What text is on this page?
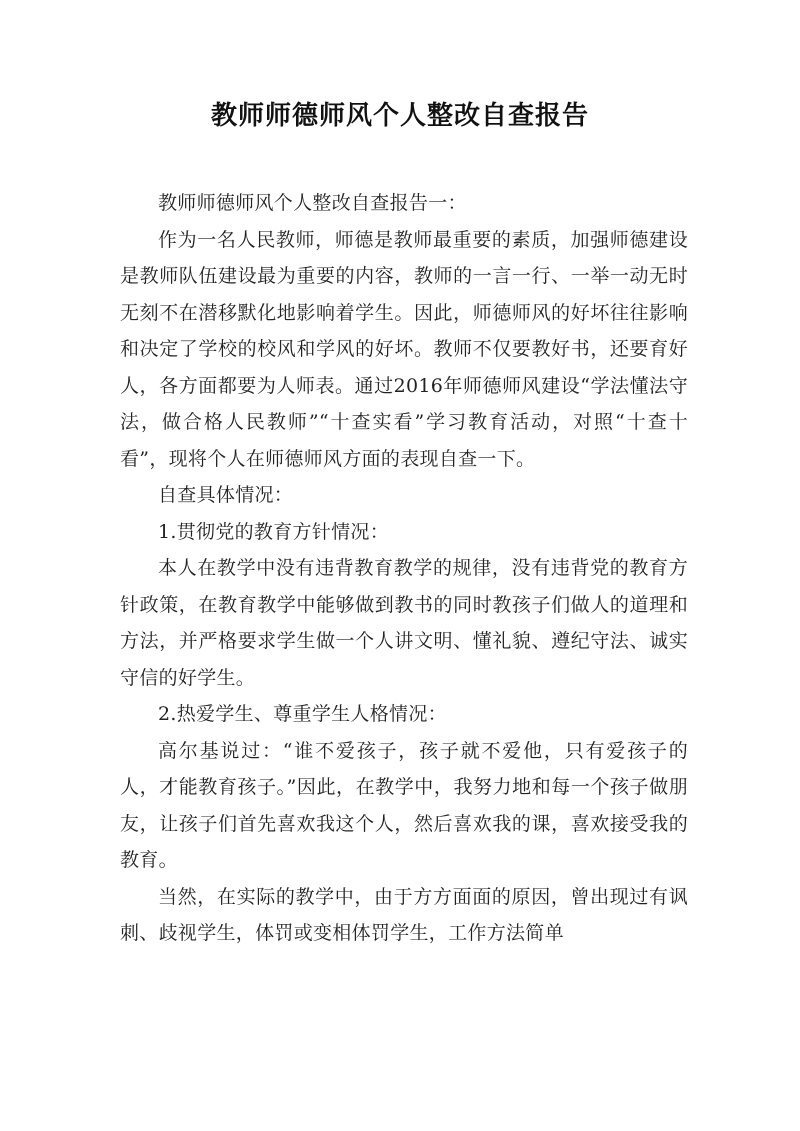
教师师德师风个人整改自查报告

教师师德师风个人整改自查报告一：

作为一名人民教师，师德是教师最重要的素质，加强师德建设是教师队伍建设最为重要的内容，教师的一言一行、一举一动无时无刻不在潜移默化地影响着学生。因此，师德师风的好坏往往影响和决定了学校的校风和学风的好坏。教师不仅要教好书，还要育好人，各方面都要为人师表。通过2016年师德师风建设“学法懂法守法，做合格人民教师”“十查实看”学习教育活动，对照“十查十看”，现将个人在师德师风方面的表现自查一下。

自查具体情况：

1.贯彻党的教育方针情况：

本人在教学中没有违背教育教学的规律，没有违背党的教育方针政策，在教育教学中能够做到教书的同时教孩子们做人的道理和方法，并严格要求学生做一个人讲文明、懂礼貌、遵纪守法、诚实守信的好学生。

2.热爱学生、尊重学生人格情况：

高尔基说过：“谁不爱孩子，孩子就不爱他，只有爱孩子的人，才能教育孩子。”因此，在教学中，我努力地和每一个孩子做朋友，让孩子们首先喜欢我这个人，然后喜欢我的课，喜欢接受我的教育。

当然，在实际的教学中，由于方方面面的原因，曾出现过有讽刺、歧视学生，体罚或变相体罚学生，工作方法简单
